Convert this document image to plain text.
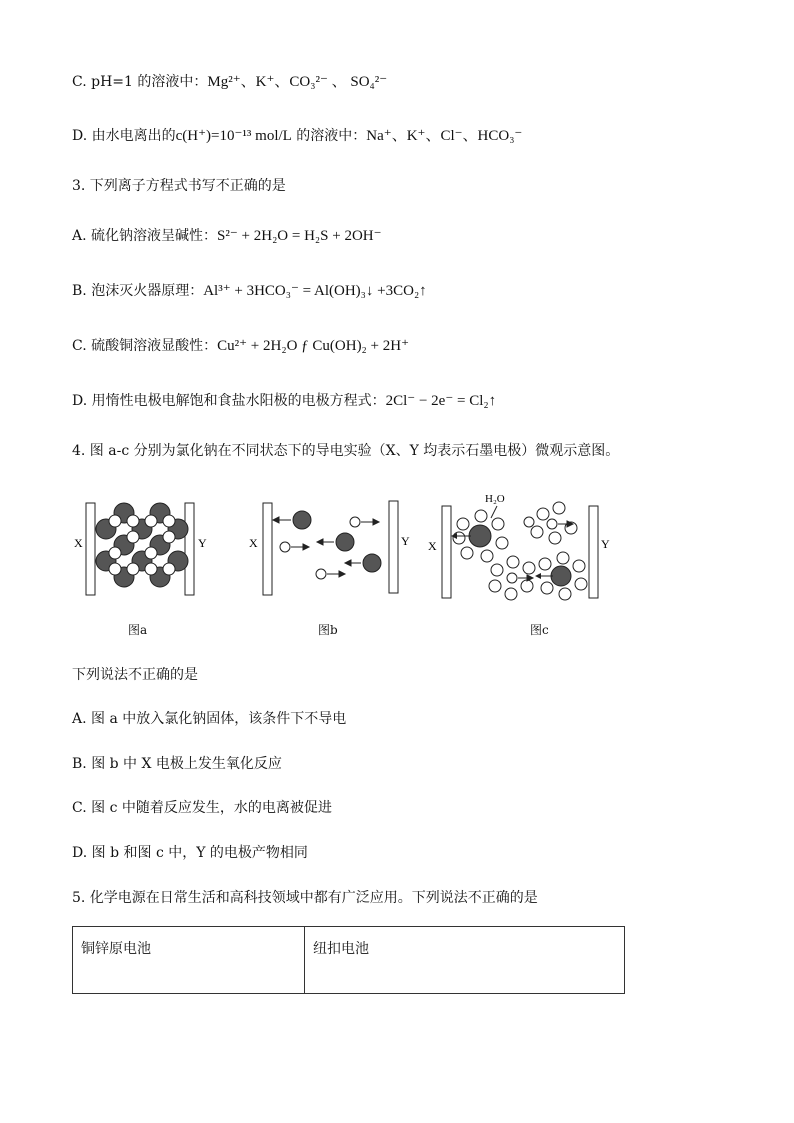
C. pH=1 的溶液中：Mg²⁺、K⁺、CO₃²⁻ 、 SO₄²⁻
D. 由水电离出的c(H⁺)=10⁻¹³ mol/L 的溶液中：Na⁺、K⁺、Cl⁻、HCO₃⁻
3. 下列离子方程式书写不正确的是
A. 硫化钠溶液呈碱性：S²⁻ + 2H₂O = H₂S + 2OH⁻
B. 泡沫灭火器原理：Al³⁺ + 3HCO₃⁻ = Al(OH)₃↓ +3CO₂↑
C. 硫酸铜溶液显酸性：Cu²⁺ + 2H₂O ƒ Cu(OH)₂ + 2H⁺
D. 用惰性电极电解饱和食盐水阳极的电极方程式：2Cl⁻ − 2e⁻ = Cl₂↑
4. 图 a-c 分别为氯化钠在不同状态下的导电实验（X、Y 均表示石墨电极）微观示意图。
X	Y
图a
X	Y
图b
X	Y
H₂O
图c
下列说法不正确的是
A. 图 a 中放入氯化钠固体，该条件下不导电
B. 图 b 中 X 电极上发生氧化反应
C. 图 c 中随着反应发生，水的电离被促进
D. 图 b 和图 c 中，Y 的电极产物相同
5. 化学电源在日常生活和高科技领域中都有广泛应用。下列说法不正确的是
铜锌原电池	纽扣电池
